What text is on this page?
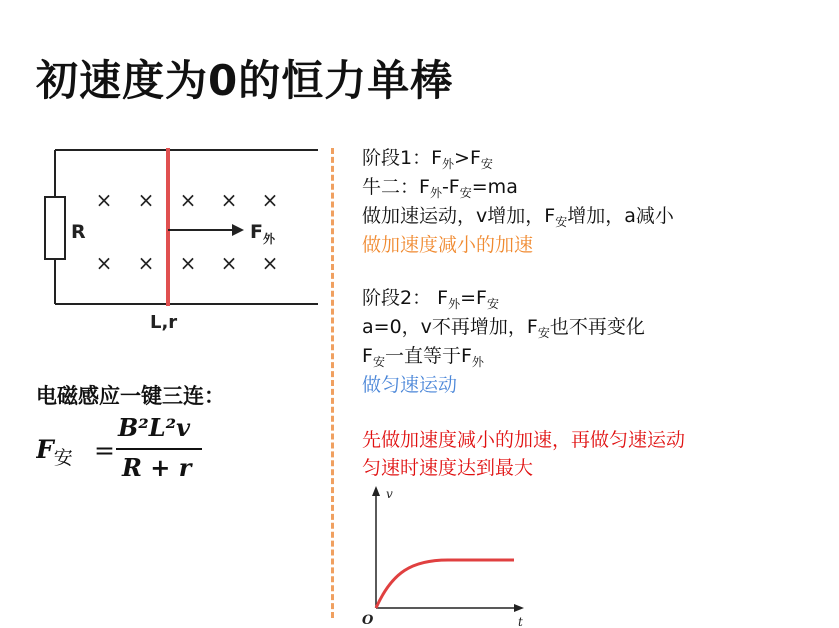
初速度为0的恒力单棒
R
× × × × ×
× × × × ×
L,r
$F_外$
阶段1：$F_外>F_安$
牛二：$F_外-F_安=ma$
做加速运动，v增加，$F_安$增加，a减小
做加速度减小的加速
阶段2： $F_外=F_安$
a=0，v不再增加，$F_安$也不再变化
$F_安$一直等于$F_外$
做匀速运动
电磁感应一键三连：
$F_安$ =
B²L²v
R + r
先做加速度减小的加速，再做匀速运动
匀速时速度达到最大
v
t
O
